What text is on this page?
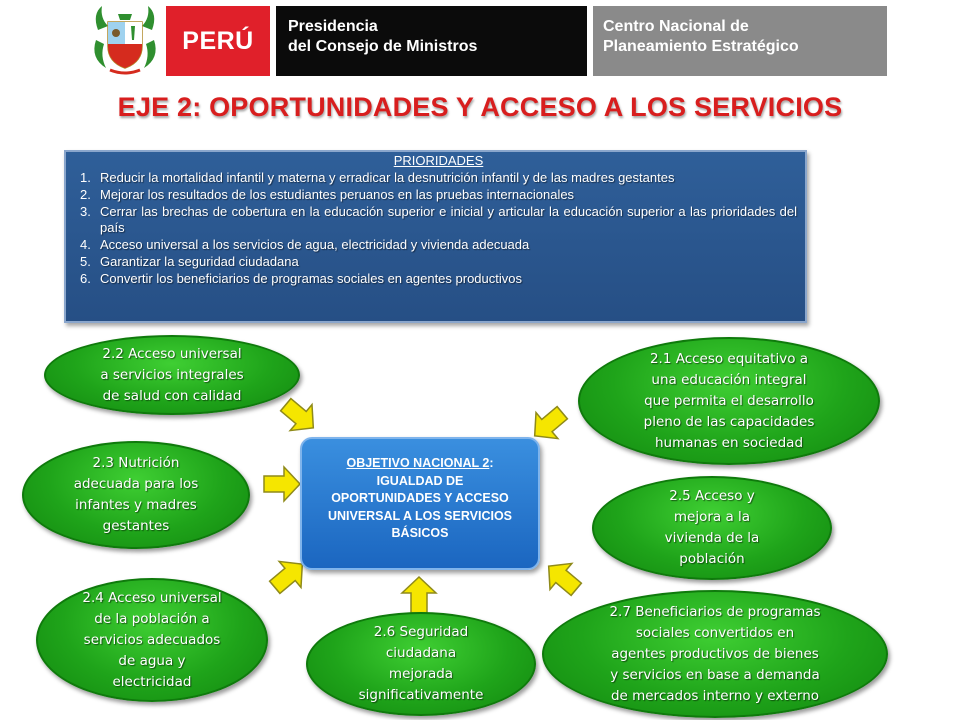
PERÚ	Presidencia
del Consejo de Ministros
Centro Nacional de
Planeamiento Estratégico
EJE 2: OPORTUNIDADES Y ACCESO A LOS SERVICIOS
PRIORIDADES
1. Reducir la mortalidad infantil y materna y erradicar la desnutrición infantil y de las madres gestantes
2. Mejorar los resultados de los estudiantes peruanos en las pruebas internacionales
3. Cerrar las brechas de cobertura en la educación superior e inicial y articular la educación superior a las prioridades del país
4. Acceso universal a los servicios de agua, electricidad y vivienda adecuada
5. Garantizar la seguridad ciudadana
6. Convertir los beneficiarios de programas sociales en agentes productivos
OBJETIVO NACIONAL 2:
IGUALDAD DE
OPORTUNIDADES Y ACCESO
UNIVERSAL A LOS SERVICIOS
BÁSICOS
2.2 Acceso universal
a servicios integrales
de salud con calidad
2.1 Acceso equitativo a
una educación integral
que permita el desarrollo
pleno de las capacidades
humanas en sociedad
2.3 Nutrición
adecuada para los
infantes y madres
gestantes
2.5 Acceso y
mejora a la
vivienda de la
población
2.4 Acceso universal
de la población a
servicios adecuados
de agua y
electricidad
2.6 Seguridad
ciudadana
mejorada
significativamente
2.7 Beneficiarios de programas
sociales convertidos en
agentes productivos de bienes
y servicios en base a demanda
de mercados interno y externo
